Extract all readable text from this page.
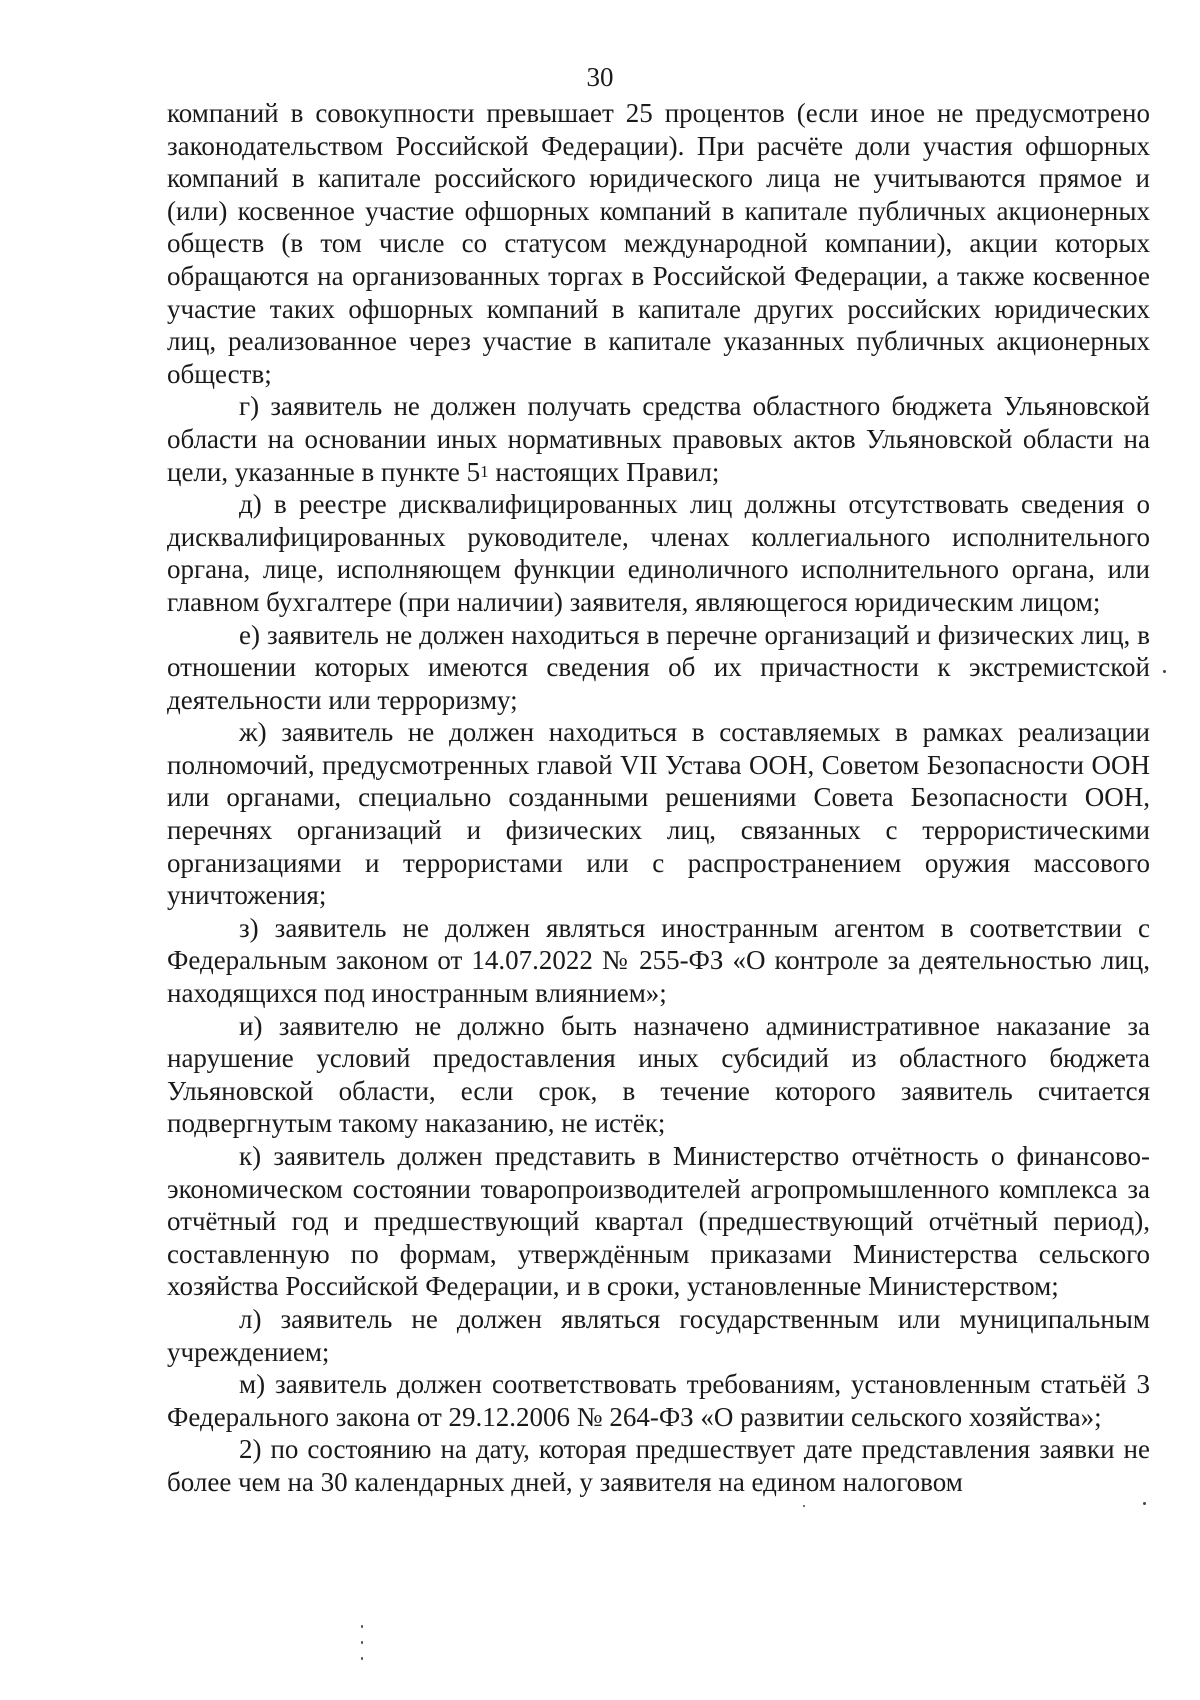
30

компаний в совокупности превышает 25 процентов (если иное не предусмотрено законодательством Российской Федерации). При расчёте доли участия офшорных компаний в капитале российского юридического лица не учитываются прямое и (или) косвенное участие офшорных компаний в капитале публичных акционерных обществ (в том числе со статусом международной компании), акции которых обращаются на организованных торгах в Российской Федерации, а также косвенное участие таких офшорных компаний в капитале других российских юридических лиц, реализованное через участие в капитале указанных публичных акционерных обществ;

г) заявитель не должен получать средства областного бюджета Ульяновской области на основании иных нормативных правовых актов Ульяновской области на цели, указанные в пункте $5^1$ настоящих Правил;

д) в реестре дисквалифицированных лиц должны отсутствовать сведения о дисквалифицированных руководителе, членах коллегиального исполнительного органа, лице, исполняющем функции единоличного исполнительного органа, или главном бухгалтере (при наличии) заявителя, являющегося юридическим лицом;

е) заявитель не должен находиться в перечне организаций и физических лиц, в отношении которых имеются сведения об их причастности к экстремистской деятельности или терроризму;

ж) заявитель не должен находиться в составляемых в рамках реализации полномочий, предусмотренных главой VII Устава ООН, Советом Безопасности ООН или органами, специально созданными решениями Совета Безопасности ООН, перечнях организаций и физических лиц, связанных с террористическими организациями и террористами или с распространением оружия массового уничтожения;

з) заявитель не должен являться иностранным агентом в соответствии с Федеральным законом от 14.07.2022 № 255-ФЗ «О контроле за деятельностью лиц, находящихся под иностранным влиянием»;

и) заявителю не должно быть назначено административное наказание за нарушение условий предоставления иных субсидий из областного бюджета Ульяновской области, если срок, в течение которого заявитель считается подвергнутым такому наказанию, не истёк;

к) заявитель должен представить в Министерство отчётность о финансово-экономическом состоянии товаропроизводителей агропромышленного комплекса за отчётный год и предшествующий квартал (предшествующий отчётный период), составленную по формам, утверждённым приказами Министерства сельского хозяйства Российской Федерации, и в сроки, установленные Министерством;

л) заявитель не должен являться государственным или муниципальным учреждением;

м) заявитель должен соответствовать требованиям, установленным статьёй 3 Федерального закона от 29.12.2006 № 264-ФЗ «О развитии сельского хозяйства»;

2) по состоянию на дату, которая предшествует дате представления заявки не более чем на 30 календарных дней, у заявителя на едином налоговом
